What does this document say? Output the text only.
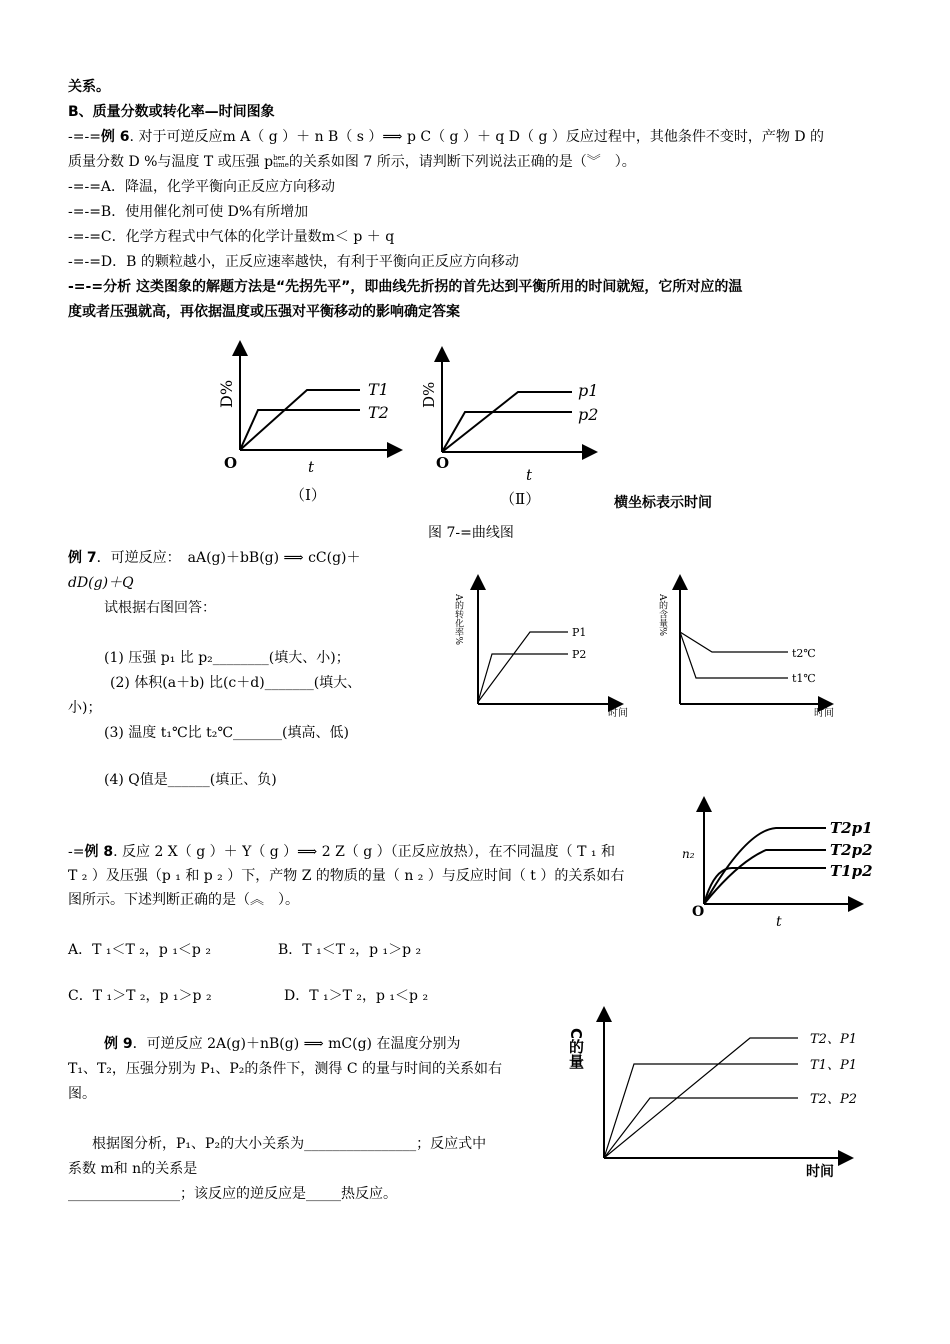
关系。
B、质量分数或转化率—时间图象
-=-=例 6. 对于可逆反应m A（ g ）＋ n B（ s ）⟹ p C（ g ）＋ q D（ g ）反应过程中，其他条件不变时，产物 D 的
质量分数 D %与温度 T 或压强 p ber
time 的关系如图 7 所示，请判断下列说法正确的是（︾　）。
-=-=A．降温，化学平衡向正反应方向移动
-=-=B．使用催化剂可使 D%有所增加
-=-=C．化学方程式中气体的化学计量数m＜ p ＋ q
-=-=D．B 的颗粒越小，正反应速率越快，有利于平衡向正反应方向移动
-=-=分析 这类图象的解题方法是“先拐先平”，即曲线先折拐的首先达到平衡所用的时间就短，它所对应的温
度或者压强就高，再依据温度或压强对平衡移动的影响确定答案
D%
O	t
T1
T2
（Ⅰ）
D%
O
t
p1
p2
（Ⅱ）	横坐标表示时间
图 7-=曲线图
例 7．可逆反应：　aA(g)＋bB(g) ⟹ cC(g)＋
dD(g)＋Q
试根据右图回答：
(1) 压强 p₁ 比 p₂________(填大、小)；
(2) 体积(a＋b) 比(c＋d)_______(填大、
小)；
(3) 温度 t₁℃比 t₂℃_______(填高、低)
(4) Q值是______(填正、负)
A的转化率%	P1
P2
时间
A的含量%
t2℃
t1℃
时间
-=例 8. 反应 2 X（ g ）＋ Y（ g ）⟹ 2 Z（ g ）（正反应放热），在不同温度（ T ₁ 和
T ₂ ）及压强（p ₁ 和 p ₂ ）下，产物 Z 的物质的量（ n ₂ ）与反应时间（ t ）的关系如右
图所示。下述判断正确的是（︽　）。
A．T ₁＜T ₂，p ₁＜p ₂	B．T ₁＜T ₂，p ₁＞p ₂
C．T ₁＞T ₂，p ₁＞p ₂	D．T ₁＞T ₂，p ₁＜p ₂
n₂
O
t
T2p1
T2p2
T1p2
例 9．可逆反应 2A(g)＋nB(g) ⟹ mC(g) 在温度分别为
T₁、T₂，压强分别为 P₁、P₂的条件下，测得 C 的量与时间的关系如右
图。
根据图分析，P₁、P₂的大小关系为________________；反应式中
系数 m和 n的关系是
________________；该反应的逆反应是_____热反应。
C的量
时间
T2、P1
T1、P1
T2、P2
